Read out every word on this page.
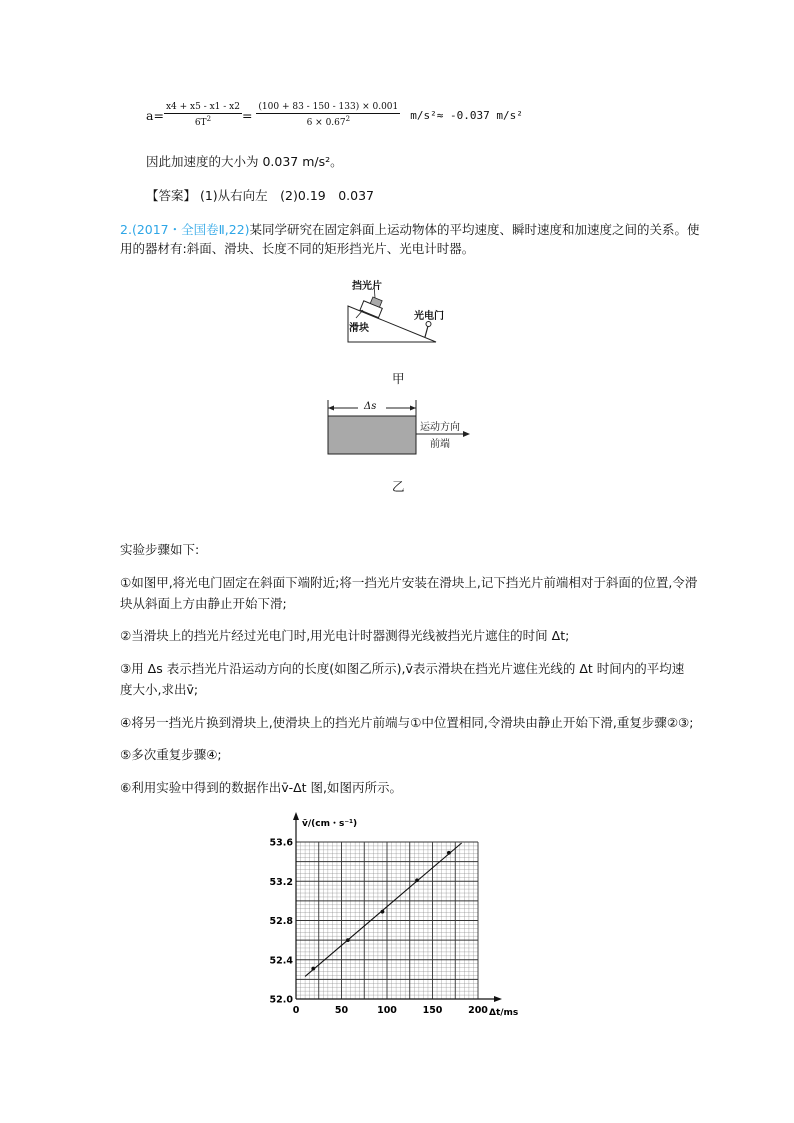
$a= \frac{x4 + x5 - x1 - x2}{6T^2} = \frac{(100 + 83 - 150 - 133) \times 0.001}{6 \times 0.67^2} m/s^2\approx -0.037$ m/s²
因此加速度的大小为 0.037 m/s²。
【答案】 (1)从右向左　(2)0.19　0.037
2.(2017・全国卷Ⅱ,22)某同学研究在固定斜面上运动物体的平均速度、瞬时速度和加速度之间的关系。使
用的器材有:斜面、滑块、长度不同的矩形挡光片、光电计时器。
挡光片
光电门
滑块
甲
Δs
运动方向
前端
乙
实验步骤如下:
①如图甲,将光电门固定在斜面下端附近;将一挡光片安装在滑块上,记下挡光片前端相对于斜面的位置,令滑
块从斜面上方由静止开始下滑;
②当滑块上的挡光片经过光电门时,用光电计时器测得光线被挡光片遮住的时间 Δt;
③用 Δs 表示挡光片沿运动方向的长度(如图乙所示),v̄表示滑块在挡光片遮住光线的 Δt 时间内的平均速
度大小,求出v̄;
④将另一挡光片换到滑块上,使滑块上的挡光片前端与①中位置相同,令滑块由静止开始下滑,重复步骤②③;
⑤多次重复步骤④;
⑥利用实验中得到的数据作出v̄-Δt 图,如图丙所示。
0	50	100	150	200
52.0
52.4
52.8
53.2
53.6
v̄/(cm・s⁻¹)
Δt/ms
